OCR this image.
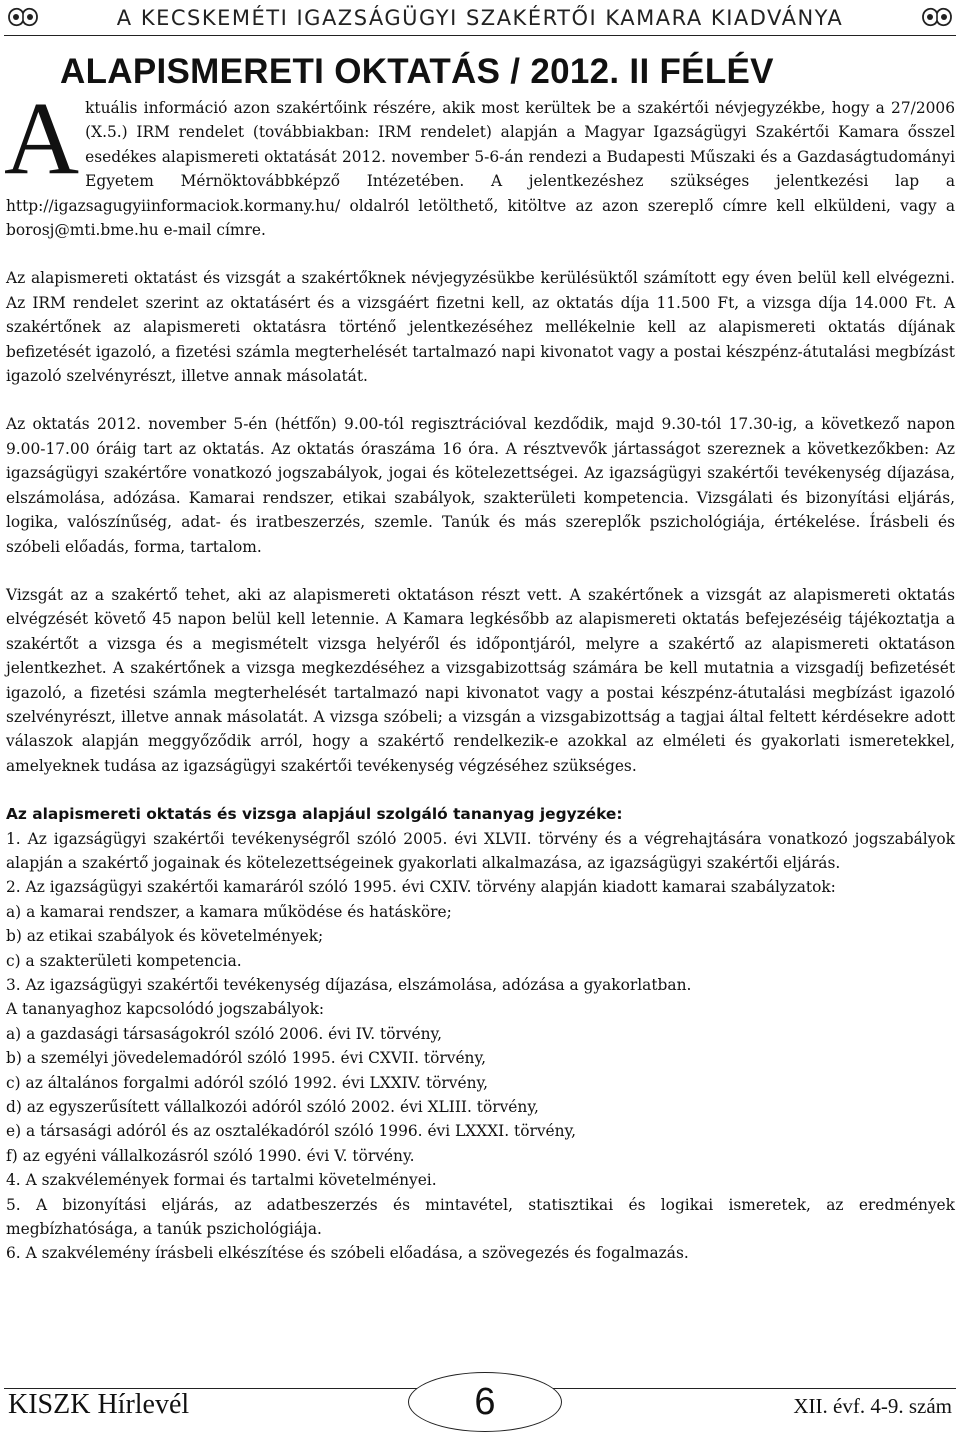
A KECSKEMÉTI IGAZSÁGÜGYI SZAKÉRTŐI KAMARA KIADVÁNYA
ALAPISMERETI OKTATÁS / 2012. II FÉLÉV

Aktuális információ azon szakértőink részére, akik most kerültek be a szakértői névjegyzékbe, hogy a 27/2006 (X.5.) IRM rendelet (továbbiakban: IRM rendelet) alapján a Magyar Igazságügyi Szakértői Kamara ősszel esedékes alapismereti oktatását 2012. november 5-6-án rendezi a Budapesti Műszaki és a Gazdaságtudományi Egyetem Mérnöktovábbképző Intézetében. A jelentkezéshez szükséges jelentkezési lap a http://igazsagugyiinformaciok.kormany.hu/ oldalról letölthető, kitöltve az azon szereplő címre kell elküldeni, vagy a borosj@mti.bme.hu e-mail címre.

Az alapismereti oktatást és vizsgát a szakértőknek névjegyzésükbe kerülésüktől számított egy éven belül kell elvégezni. Az IRM rendelet szerint az oktatásért és a vizsgáért fizetni kell, az oktatás díja 11.500 Ft, a vizsga díja 14.000 Ft. A szakértőnek az alapismereti oktatásra történő jelentkezéséhez mellékelnie kell az alapismereti oktatás díjának befizetését igazoló, a fizetési számla megterhelését tartalmazó napi kivonatot vagy a postai készpénz-átutalási megbízást igazoló szelvényrészt, illetve annak másolatát.

Az oktatás 2012. november 5-én (hétfőn) 9.00-tól regisztrációval kezdődik, majd 9.30-tól 17.30-ig, a következő napon 9.00-17.00 óráig tart az oktatás. Az oktatás óraszáma 16 óra. A résztvevők jártasságot szereznek a következőkben: Az igazságügyi szakértőre vonatkozó jogszabályok, jogai és kötelezettségei. Az igazságügyi szakértői tevékenység díjazása, elszámolása, adózása. Kamarai rendszer, etikai szabályok, szakterületi kompetencia. Vizsgálati és bizonyítási eljárás, logika, valószínűség, adat- és iratbeszerzés, szemle. Tanúk és más szereplők pszichológiája, értékelése. Írásbeli és szóbeli előadás, forma, tartalom.

Vizsgát az a szakértő tehet, aki az alapismereti oktatáson részt vett. A szakértőnek a vizsgát az alapismereti oktatás elvégzését követő 45 napon belül kell letennie. A Kamara legkésőbb az alapismereti oktatás befejezéséig tájékoztatja a szakértőt a vizsga és a megismételt vizsga helyéről és időpontjáról, melyre a szakértő az alapismereti oktatáson jelentkezhet. A szakértőnek a vizsga megkezdéséhez a vizsgabizottság számára be kell mutatnia a vizsgadíj befizetését igazoló, a fizetési számla megterhelését tartalmazó napi kivonatot vagy a postai készpénz-átutalási megbízást igazoló szelvényrészt, illetve annak másolatát. A vizsga szóbeli; a vizsgán a vizsgabizottság a tagjai által feltett kérdésekre adott válaszok alapján meggyőződik arról, hogy a szakértő rendelkezik-e azokkal az elméleti és gyakorlati ismeretekkel, amelyeknek tudása az igazságügyi szakértői tevékenység végzéséhez szükséges.

Az alapismereti oktatás és vizsga alapjául szolgáló tananyag jegyzéke:

1. Az igazságügyi szakértői tevékenységről szóló 2005. évi XLVII. törvény és a végrehajtására vonatkozó jogszabályok alapján a szakértő jogainak és kötelezettségeinek gyakorlati alkalmazása, az igazságügyi szakértői eljárás.

2. Az igazságügyi szakértői kamaráról szóló 1995. évi CXIV. törvény alapján kiadott kamarai szabályzatok:

a) a kamarai rendszer, a kamara működése és hatásköre;

b) az etikai szabályok és követelmények;

c) a szakterületi kompetencia.

3. Az igazságügyi szakértői tevékenység díjazása, elszámolása, adózása a gyakorlatban.

A tananyaghoz kapcsolódó jogszabályok:

a) a gazdasági társaságokról szóló 2006. évi IV. törvény,

b) a személyi jövedelemadóról szóló 1995. évi CXVII. törvény,

c) az általános forgalmi adóról szóló 1992. évi LXXIV. törvény,

d) az egyszerűsített vállalkozói adóról szóló 2002. évi XLIII. törvény,

e) a társasági adóról és az osztalékadóról szóló 1996. évi LXXXI. törvény,

f) az egyéni vállalkozásról szóló 1990. évi V. törvény.

4. A szakvélemények formai és tartalmi követelményei.

5. A bizonyítási eljárás, az adatbeszerzés és mintavétel, statisztikai és logikai ismeretek, az eredmények megbízhatósága, a tanúk pszichológiája.

6. A szakvélemény írásbeli elkészítése és szóbeli előadása, a szövegezés és fogalmazás.

KISZK Hírlevél	6	XII. évf. 4-9. szám
